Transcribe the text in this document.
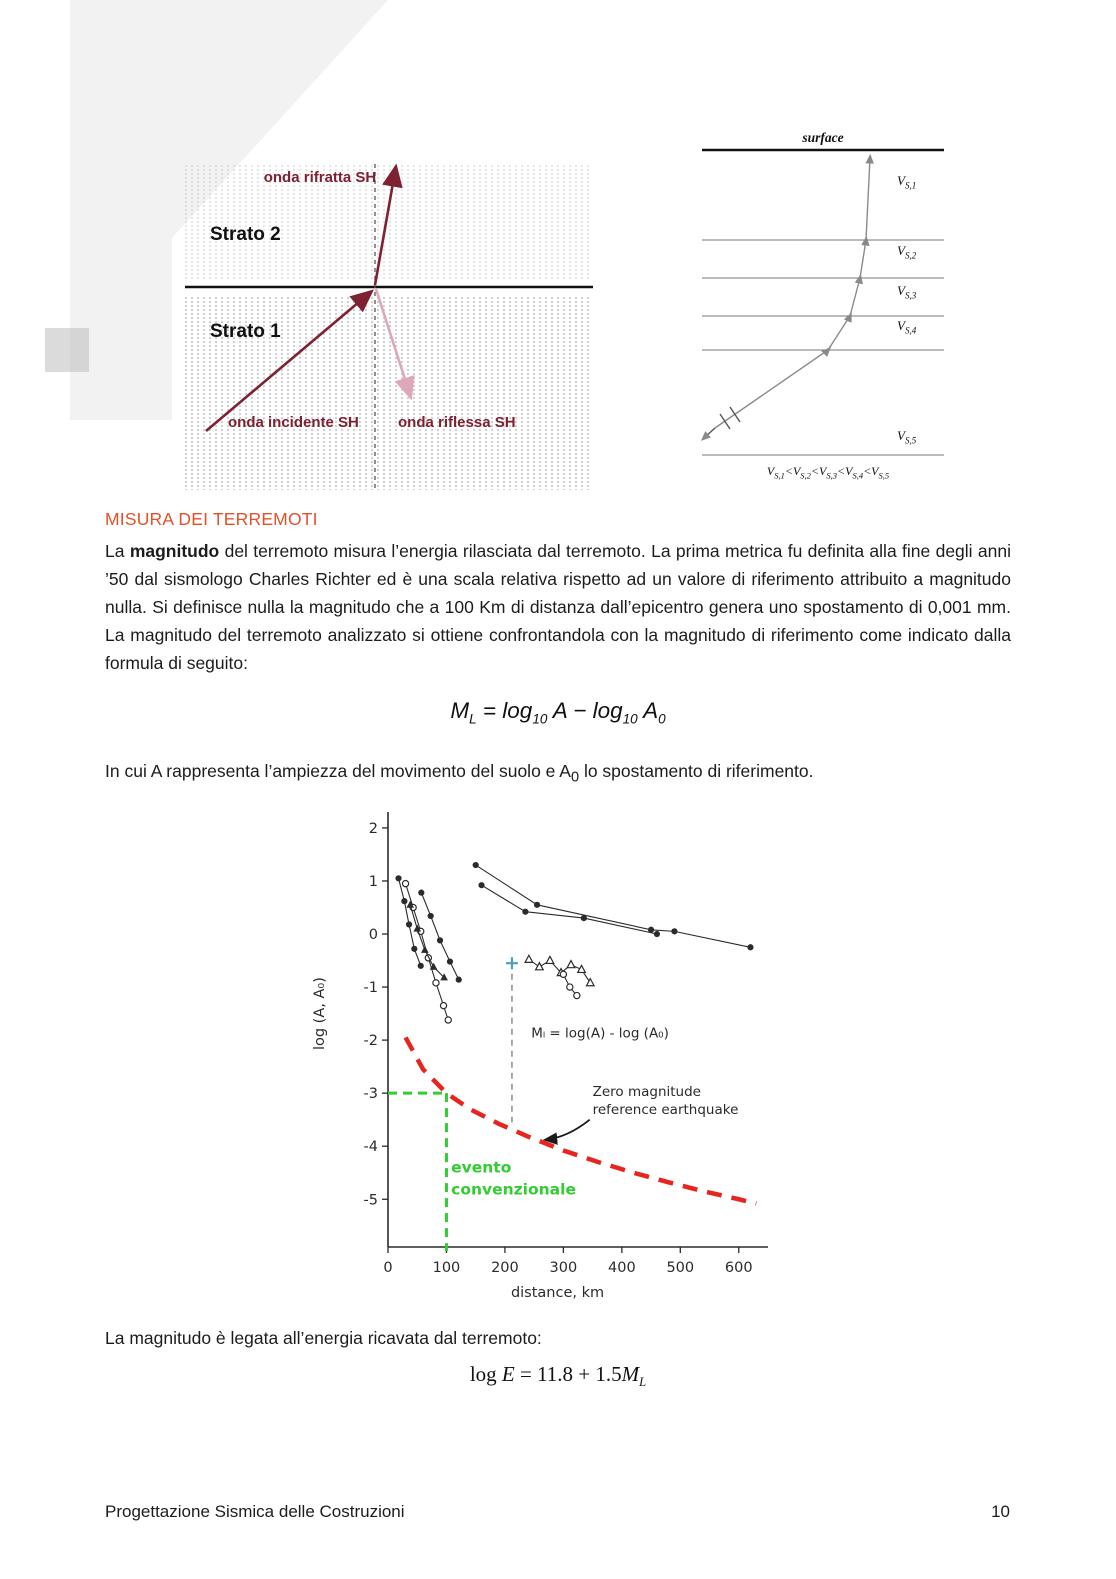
onda rifratta SH
Strato 2
Strato 1
onda incidente SH	onda riflessa SH
surface
$V_{S,1}$
$V_{S,2}$
$V_{S,3}$
$V_{S,4}$
$V_{S,5}$
$V_{S,1}<V_{S,2}<V_{S,3}<V_{S,4}<V_{S,5}$
MISURA DEI TERREMOTI
La magnitudo del terremoto misura l’energia rilasciata dal terremoto. La prima metrica fu definita alla fine degli anni ’50 dal sismologo Charles Richter ed è una scala relativa rispetto ad un valore di riferimento attribuito a magnitudo nulla. Si definisce nulla la magnitudo che a 100 Km di distanza dall’epicentro genera uno spostamento di 0,001 mm. La magnitudo del terremoto analizzato si ottiene confrontandola con la magnitudo di riferimento come indicato dalla formula di seguito:
$M_L = \log_{10} A - \log_{10} A_0$
In cui A rappresenta l’ampiezza del movimento del suolo e $A_0$ lo spostamento di riferimento.
2
1
0
-1
-2
-3
-4
-5
0	100 200 300 400 500 600
distance, km
log (A, A₀)	Mₗ = log(A) - log (A₀)
Zero magnitude
reference earthquake
evento
convenzionale
La magnitudo è legata all’energia ricavata dal terremoto:
$\log E = 11.8 + 1.5M_L$
Progettazione Sismica delle Costruzioni	10
